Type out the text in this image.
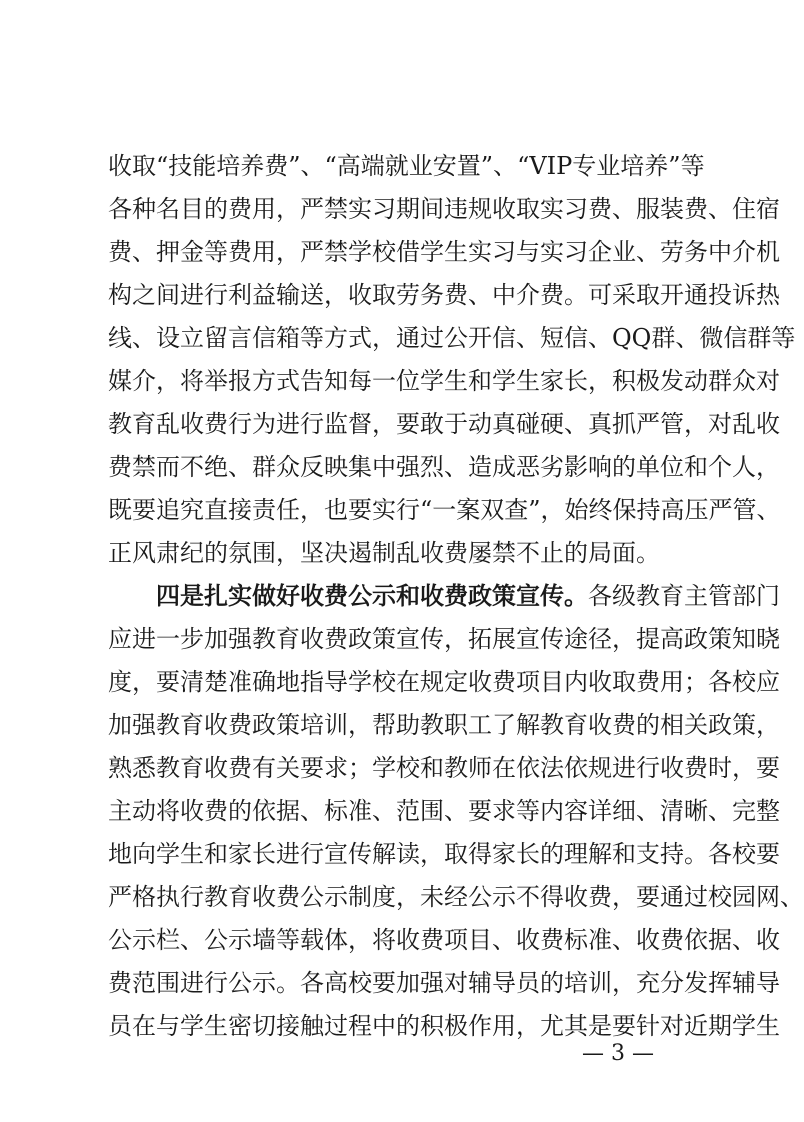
收取“技能培养费”、“高端就业安置”、“VIP专业培养”等
各种名目的费用，严禁实习期间违规收取实习费、服装费、住宿
费、押金等费用，严禁学校借学生实习与实习企业、劳务中介机
构之间进行利益输送，收取劳务费、中介费。可采取开通投诉热
线、设立留言信箱等方式，通过公开信、短信、QQ群、微信群等
媒介，将举报方式告知每一位学生和学生家长，积极发动群众对
教育乱收费行为进行监督，要敢于动真碰硬、真抓严管，对乱收
费禁而不绝、群众反映集中强烈、造成恶劣影响的单位和个人，
既要追究直接责任，也要实行“一案双查”，始终保持高压严管、
正风肃纪的氛围，坚决遏制乱收费屡禁不止的局面。
四是扎实做好收费公示和收费政策宣传。各级教育主管部门
应进一步加强教育收费政策宣传，拓展宣传途径，提高政策知晓
度，要清楚准确地指导学校在规定收费项目内收取费用；各校应
加强教育收费政策培训，帮助教职工了解教育收费的相关政策，
熟悉教育收费有关要求；学校和教师在依法依规进行收费时，要
主动将收费的依据、标准、范围、要求等内容详细、清晰、完整
地向学生和家长进行宣传解读，取得家长的理解和支持。各校要
严格执行教育收费公示制度，未经公示不得收费，要通过校园网、
公示栏、公示墙等载体，将收费项目、收费标准、收费依据、收
费范围进行公示。各高校要加强对辅导员的培训，充分发挥辅导
员在与学生密切接触过程中的积极作用，尤其是要针对近期学生
— 3 —
